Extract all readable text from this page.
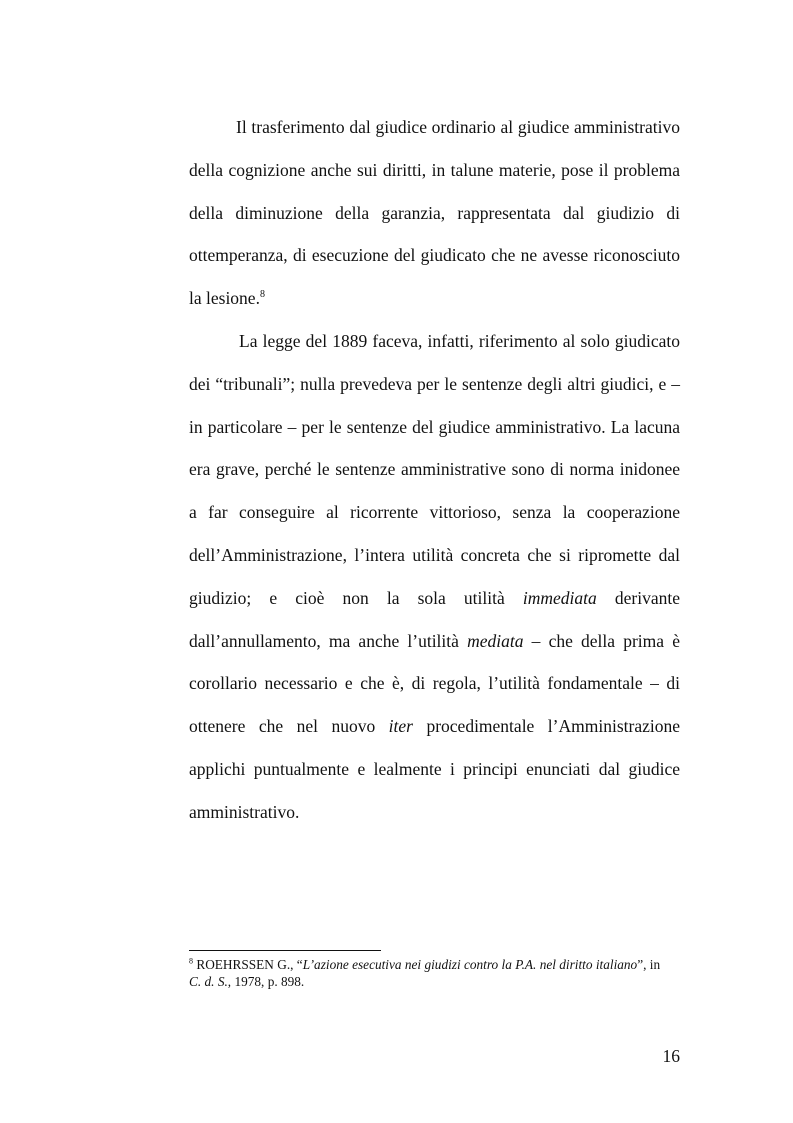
Il trasferimento dal giudice ordinario al giudice amministrativo della cognizione anche sui diritti, in talune materie, pose il problema della diminuzione della garanzia, rappresentata dal giudizio di ottemperanza, di esecuzione del giudicato che ne avesse riconosciuto la lesione.$^8$

La legge del 1889 faceva, infatti, riferimento al solo giudicato dei “tribunali”; nulla prevedeva per le sentenze degli altri giudici, e – in particolare – per le sentenze del giudice amministrativo. La lacuna era grave, perché le sentenze amministrative sono di norma inidonee a far conseguire al ricorrente vittorioso, senza la cooperazione dell’Amministrazione, l’intera utilità concreta che si ripromette dal giudizio; e cioè non la sola utilità immediata derivante dall’annullamento, ma anche l’utilità mediata – che della prima è corollario necessario e che è, di regola, l’utilità fondamentale – di ottenere che nel nuovo iter procedimentale l’Amministrazione applichi puntualmente e lealmente i principi enunciati dal giudice amministrativo.

$^8$ ROEHRSSEN G., “L’azione esecutiva nei giudizi contro la P.A. nel diritto italiano”, in
C. d. S., 1978, p. 898.
16
